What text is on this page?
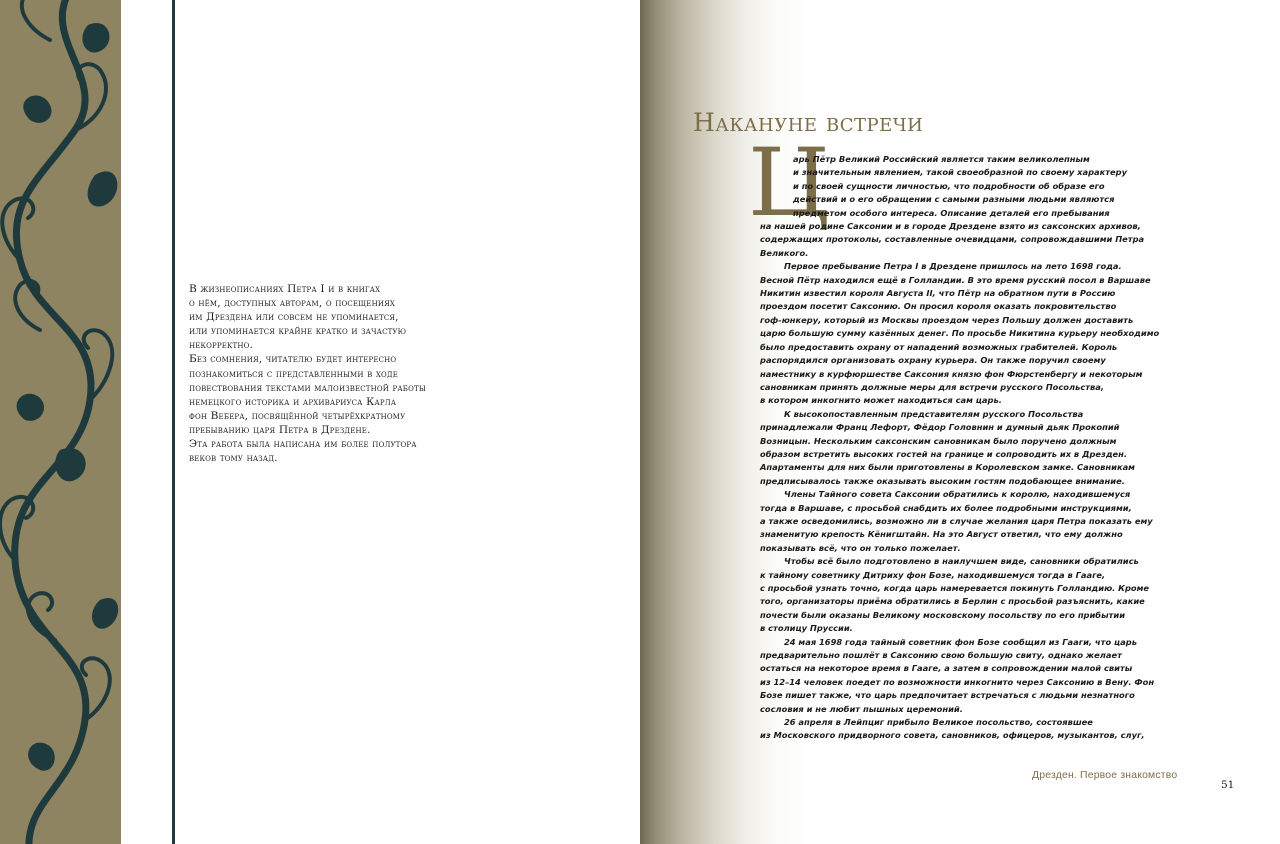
В жизнеописаниях Петра I и в книгах
о нём, доступных авторам, о посещениях
им Дрездена или совсем не упоминается,
или упоминается крайне кратко и зачастую
некорректно.
Без сомнения, читателю будет интересно
познакомиться с представленными в ходе
повествования текстами малоизвестной работы
немецкого историка и архивариуса Карла
фон Вебера, посвящённой четырёхкратному
пребыванию царя Петра в Дрездене.
Эта работа была написана им более полутора
веков тому назад.

Накануне встречи
Ц
арь Пётр Великий Российский является таким великолепным
и значительным явлением, такой своеобразной по своему характеру
и по своей сущности личностью, что подробности об образе его
действий и о его обращении с самыми разными людьми являются
предметом особого интереса. Описание деталей его пребывания
на нашей родине Саксонии и в городе Дрездене взято из саксонских архивов,
содержащих протоколы, составленные очевидцами, сопровождавшими Петра
Великого.
Первое пребывание Петра I в Дрездене пришлось на лето 1698 года.
Весной Пётр находился ещё в Голландии. В это время русский посол в Варшаве
Никитин известил короля Августа II, что Пётр на обратном пути в Россию
проездом посетит Саксонию. Он просил короля оказать покровительство
гоф-юнкеру, который из Москвы проездом через Польшу должен доставить
царю большую сумму казённых денег. По просьбе Никитина курьеру необходимо
было предоставить охрану от нападений возможных грабителей. Король
распорядился организовать охрану курьера. Он также поручил своему
наместнику в курфюршестве Саксония князю фон Фюрстенбергу и некоторым
сановникам принять должные меры для встречи русского Посольства,
в котором инкогнито может находиться сам царь.
К высокопоставленным представителям русского Посольства
принадлежали Франц Лефорт, Фёдор Головнин и думный дьяк Прокопий
Возницын. Нескольким саксонским сановникам было поручено должным
образом встретить высоких гостей на границе и сопроводить их в Дрезден.
Апартаменты для них были приготовлены в Королевском замке. Сановникам
предписывалось также оказывать высоким гостям подобающее внимание.
Члены Тайного совета Саксонии обратились к королю, находившемуся
тогда в Варшаве, с просьбой снабдить их более подробными инструкциями,
а также осведомились, возможно ли в случае желания царя Петра показать ему
знаменитую крепость Кёнигштайн. На это Август ответил, что ему должно
показывать всё, что он только пожелает.
Чтобы всё было подготовлено в наилучшем виде, сановники обратились
к тайному советнику Дитриху фон Бозе, находившемуся тогда в Гааге,
с просьбой узнать точно, когда царь намеревается покинуть Голландию. Кроме
того, организаторы приёма обратились в Берлин с просьбой разъяснить, какие
почести были оказаны Великому московскому посольству по его прибытии
в столицу Пруссии.
24 мая 1698 года тайный советник фон Бозе сообщил из Гааги, что царь
предварительно пошлёт в Саксонию свою большую свиту, однако желает
остаться на некоторое время в Гааге, а затем в сопровождении малой свиты
из 12–14 человек поедет по возможности инкогнито через Саксонию в Вену. Фон
Бозе пишет также, что царь предпочитает встречаться с людьми незнатного
сословия и не любит пышных церемоний.
26 апреля в Лейпциг прибыло Великое посольство, состоявшее
из Московского придворного совета, сановников, офицеров, музыкантов, слуг,
Дрезден. Первое знакомство
51
